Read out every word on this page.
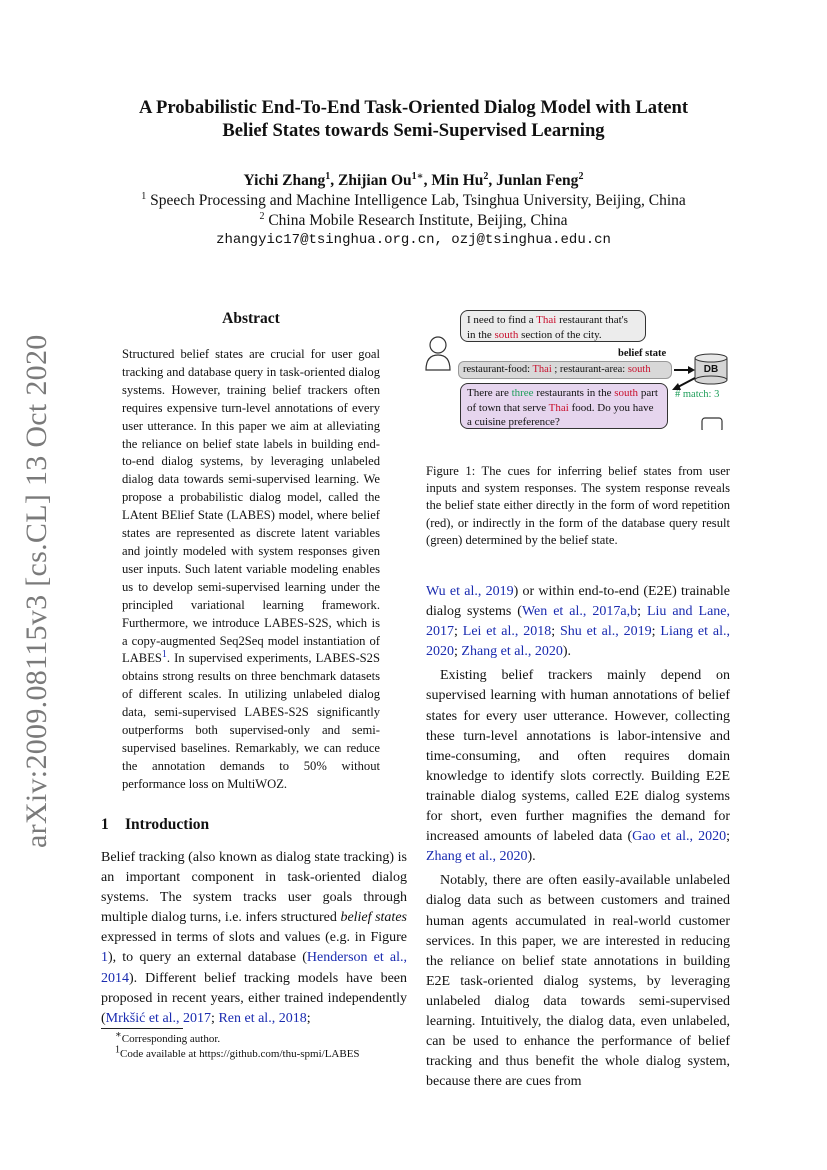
arXiv:2009.08115v3 [cs.CL] 13 Oct 2020
A Probabilistic End-To-End Task-Oriented Dialog Model with Latent
Belief States towards Semi-Supervised Learning
Yichi Zhang$^1$, Zhijian $Ou^{1∗}$, Min Hu$^2$, Junlan Feng$^2$
$^1$ Speech Processing and Machine Intelligence Lab, Tsinghua University, Beijing, China
$^2$ China Mobile Research Institute, Beijing, China
zhangyic17@tsinghua.org.cn, ozj@tsinghua.edu.cn
Abstract
Structured belief states are crucial for user goal tracking and database query in task-oriented dialog systems. However, training belief trackers often requires expensive turn-level annotations of every user utterance. In this paper we aim at alleviating the reliance on belief state labels in building end-to-end dialog systems, by leveraging unlabeled dialog data towards semi-supervised learning. We propose a probabilistic dialog model, called the LAtent BElief State (LABES) model, where belief states are represented as discrete latent variables and jointly modeled with system responses given user inputs. Such latent variable modeling enables us to develop semi-supervised learning under the principled variational learning framework. Furthermore, we introduce LABES-S2S, which is a copy-augmented Seq2Seq model instantiation of LABES$^1$. In supervised experiments, LABES-S2S obtains strong results on three benchmark datasets of different scales. In utilizing unlabeled dialog data, semi-supervised LABES-S2S significantly outperforms both supervised-only and semi-supervised baselines. Remarkably, we can reduce the annotation demands to 50% without performance loss on MultiWOZ.
1 Introduction
Belief tracking (also known as dialog state tracking) is an important component in task-oriented dialog systems. The system tracks user goals through multiple dialog turns, i.e. infers structured belief states expressed in terms of slots and values (e.g. in Figure 1), to query an external database (Henderson et al., 2014). Different belief tracking models have been proposed in recent years, either trained independently (Mrkšić et al., 2017; Ren et al., 2018;
∗Corresponding author.
$^1$Code available at https://github.com/thu-spmi/LABES
I need to find a Thai restaurant that's in the south section of the city.
belief state
restaurant-food: Thai ; restaurant-area: south	DB
# match: 3
There are three restaurants in the south part of town that serve Thai food. Do you have a cuisine preference?
Figure 1: The cues for inferring belief states from user inputs and system responses. The system response reveals the belief state either directly in the form of word repetition (red), or indirectly in the form of the database query result (green) determined by the belief state.

Wu et al., 2019) or within end-to-end (E2E) trainable dialog systems (Wen et al., 2017a,b; Liu and Lane, 2017; Lei et al., 2018; Shu et al., 2019; Liang et al., 2020; Zhang et al., 2020).

Existing belief trackers mainly depend on supervised learning with human annotations of belief states for every user utterance. However, collecting these turn-level annotations is labor-intensive and time-consuming, and often requires domain knowledge to identify slots correctly. Building E2E trainable dialog systems, called E2E dialog systems for short, even further magnifies the demand for increased amounts of labeled data (Gao et al., 2020; Zhang et al., 2020).

Notably, there are often easily-available unlabeled dialog data such as between customers and trained human agents accumulated in real-world customer services. In this paper, we are interested in reducing the reliance on belief state annotations in building E2E task-oriented dialog systems, by leveraging unlabeled dialog data towards semi-supervised learning. Intuitively, the dialog data, even unlabeled, can be used to enhance the performance of belief tracking and thus benefit the whole dialog system, because there are cues from
